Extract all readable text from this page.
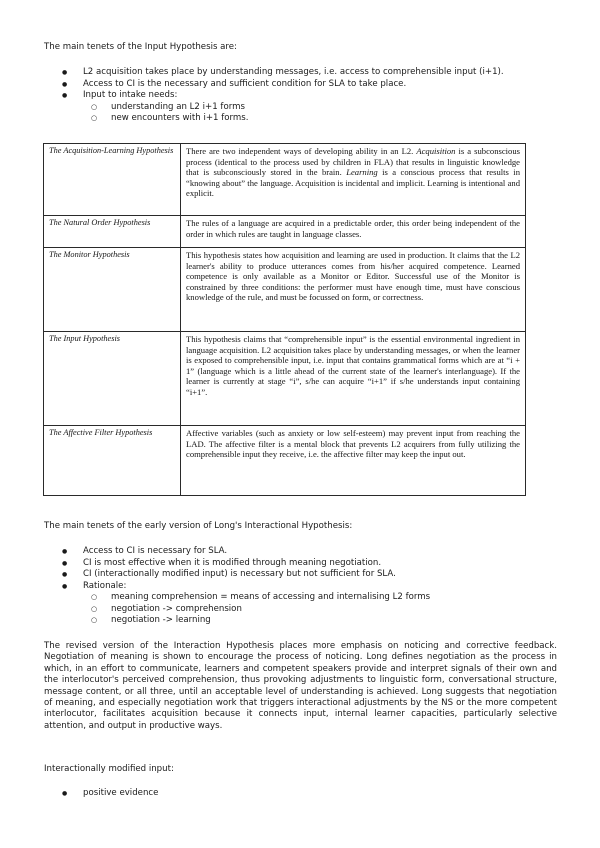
The main tenets of the Input Hypothesis are:
● L2 acquisition takes place by understanding messages, i.e. access to comprehensible input (i+1).
● Access to CI is the necessary and sufficient condition for SLA to take place.
● Input to intake needs:
○ understanding an L2 i+1 forms
○ new encounters with i+1 forms.
The Acquisition-Learning Hypothesis	There are two independent ways of developing ability in an L2. Acquisition is a subconscious process (identical to the process used by children in FLA) that results in linguistic knowledge that is subconsciously stored in the brain. Learning is a conscious process that results in “knowing about” the language. Acquisition is incidental and implicit. Learning is intentional and explicit.
The Natural Order Hypothesis	The rules of a language are acquired in a predictable order, this order being independent of the order in which rules are taught in language classes.
The Monitor Hypothesis	This hypothesis states how acquisition and learning are used in production. It claims that the L2 learner's ability to produce utterances comes from his/her acquired competence. Learned competence is only available as a Monitor or Editor. Successful use of the Monitor is constrained by three conditions: the performer must have enough time, must have conscious knowledge of the rule, and must be focussed on form, or correctness.
The Input Hypothesis	This hypothesis claims that “comprehensible input” is the essential environmental ingredient in language acquisition. L2 acquisition takes place by understanding messages, or when the learner is exposed to comprehensible input, i.e. input that contains grammatical forms which are at “i + 1” (language which is a little ahead of the current state of the learner's interlanguage). If the learner is currently at stage “i”, s/he can acquire “i+1” if s/he understands input containing “i+1”.
The Affective Filter Hypothesis	Affective variables (such as anxiety or low self-esteem) may prevent input from reaching the LAD. The affective filter is a mental block that prevents L2 acquirers from fully utilizing the comprehensible input they receive, i.e. the affective filter may keep the input out.
The main tenets of the early version of Long's Interactional Hypothesis:
● Access to CI is necessary for SLA.
● CI is most effective when it is modified through meaning negotiation.
● CI (interactionally modified input) is necessary but not sufficient for SLA.
● Rationale:
○ meaning comprehension = means of accessing and internalising L2 forms
○ negotiation -> comprehension
○ negotiation -> learning
The revised version of the Interaction Hypothesis places more emphasis on noticing and corrective feedback. Negotiation of meaning is shown to encourage the process of noticing. Long defines negotiation as the process in which, in an effort to communicate, learners and competent speakers provide and interpret signals of their own and the interlocutor's perceived comprehension, thus provoking adjustments to linguistic form, conversational structure, message content, or all three, until an acceptable level of understanding is achieved. Long suggests that negotiation of meaning, and especially negotiation work that triggers interactional adjustments by the NS or the more competent interlocutor, facilitates acquisition because it connects input, internal learner capacities, particularly selective attention, and output in productive ways.
Interactionally modified input:
● positive evidence
